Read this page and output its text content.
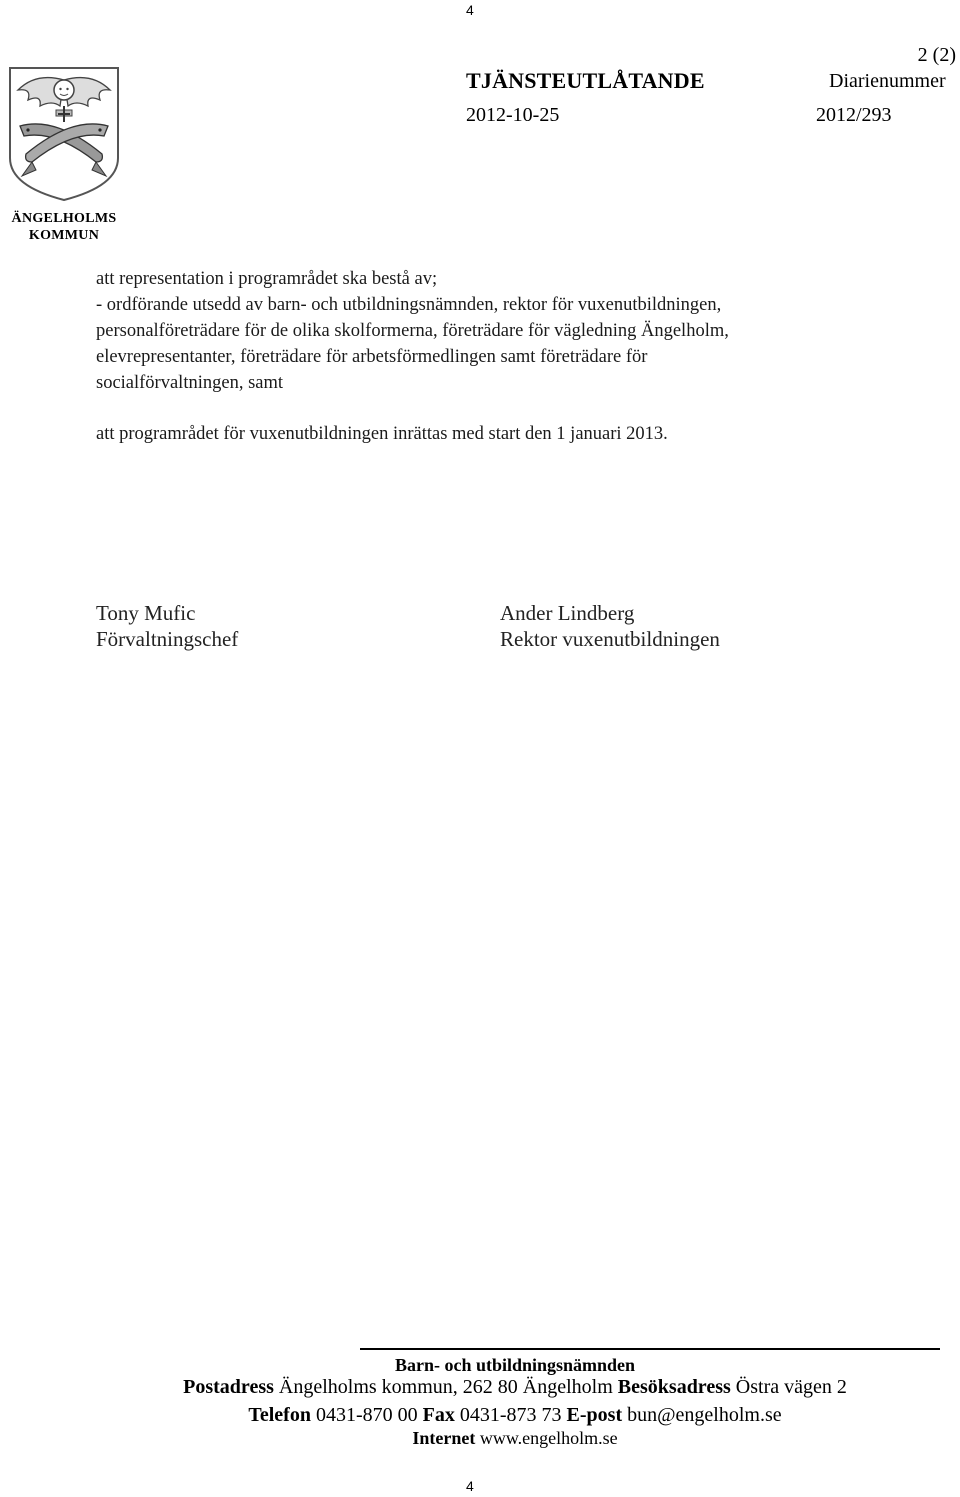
4
ÄNGELHOLMS
KOMMUN
2 (2)
TJÄNSTEUTLÅTANDE	Diarienummer
2012-10-25	2012/293
att representation i programrådet ska bestå av;
- ordförande utsedd av barn- och utbildningsnämnden, rektor för vuxenutbildningen,
personalföreträdare för de olika skolformerna, företrädare för vägledning Ängelholm,
elevrepresentanter, företrädare för arbetsförmedlingen samt företrädare för
socialförvaltningen, samt
att programrådet för vuxenutbildningen inrättas med start den 1 januari 2013.
Tony Mufic
Förvaltningschef
Ander Lindberg
Rektor vuxenutbildningen
Barn- och utbildningsnämnden
Postadress Ängelholms kommun, 262 80 Ängelholm Besöksadress Östra vägen 2
Telefon 0431-870 00 Fax 0431-873 73 E-post bun@engelholm.se
Internet www.engelholm.se
4
